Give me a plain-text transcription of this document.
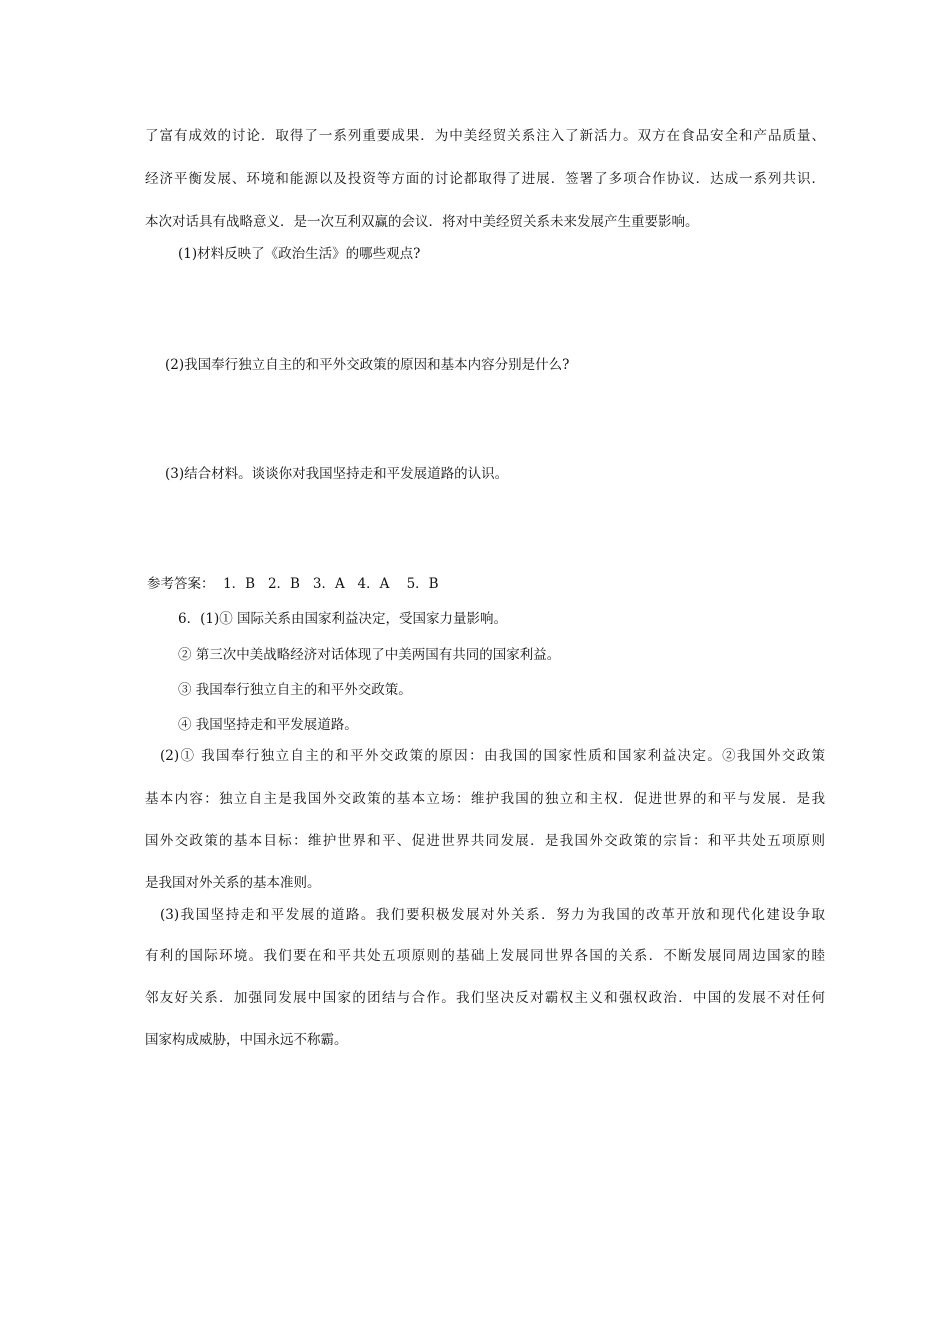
了富有成效的讨论．取得了一系列重要成果．为中美经贸关系注入了新活力。双方在食品安全和产品质量、
经济平衡发展、环境和能源以及投资等方面的讨论都取得了进展．签署了多项合作协议．达成一系列共识．
本次对话具有战略意义．是一次互利双赢的会议．将对中美经贸关系未来发展产生重要影响。
(1)材料反映了《政治生活》的哪些观点?
(2)我国奉行独立自主的和平外交政策的原因和基本内容分别是什么?
(3)结合材料。谈谈你对我国坚持走和平发展道路的认识。
参考答案：  1．B   2．B   3．A   4．A    5．B
6．(1)① 国际关系由国家利益决定，受国家力量影响。
② 第三次中美战略经济对话体现了中美两国有共同的国家利益。
③ 我国奉行独立自主的和平外交政策。
④ 我国坚持走和平发展道路。
(2)① 我国奉行独立自主的和平外交政策的原因：由我国的国家性质和国家利益决定。②我国外交政策
基本内容：独立自主是我国外交政策的基本立场：维护我国的独立和主权．促进世界的和平与发展．是我
国外交政策的基本目标：维护世界和平、促进世界共同发展．是我国外交政策的宗旨：和平共处五项原则
是我国对外关系的基本准则。
(3)我国坚持走和平发展的道路。我们要积极发展对外关系．努力为我国的改革开放和现代化建设争取
有利的国际环境。我们要在和平共处五项原则的基础上发展同世界各国的关系．不断发展同周边国家的睦
邻友好关系．加强同发展中国家的团结与合作。我们坚决反对霸权主义和强权政治．中国的发展不对任何
国家构成威胁，中国永远不称霸。
